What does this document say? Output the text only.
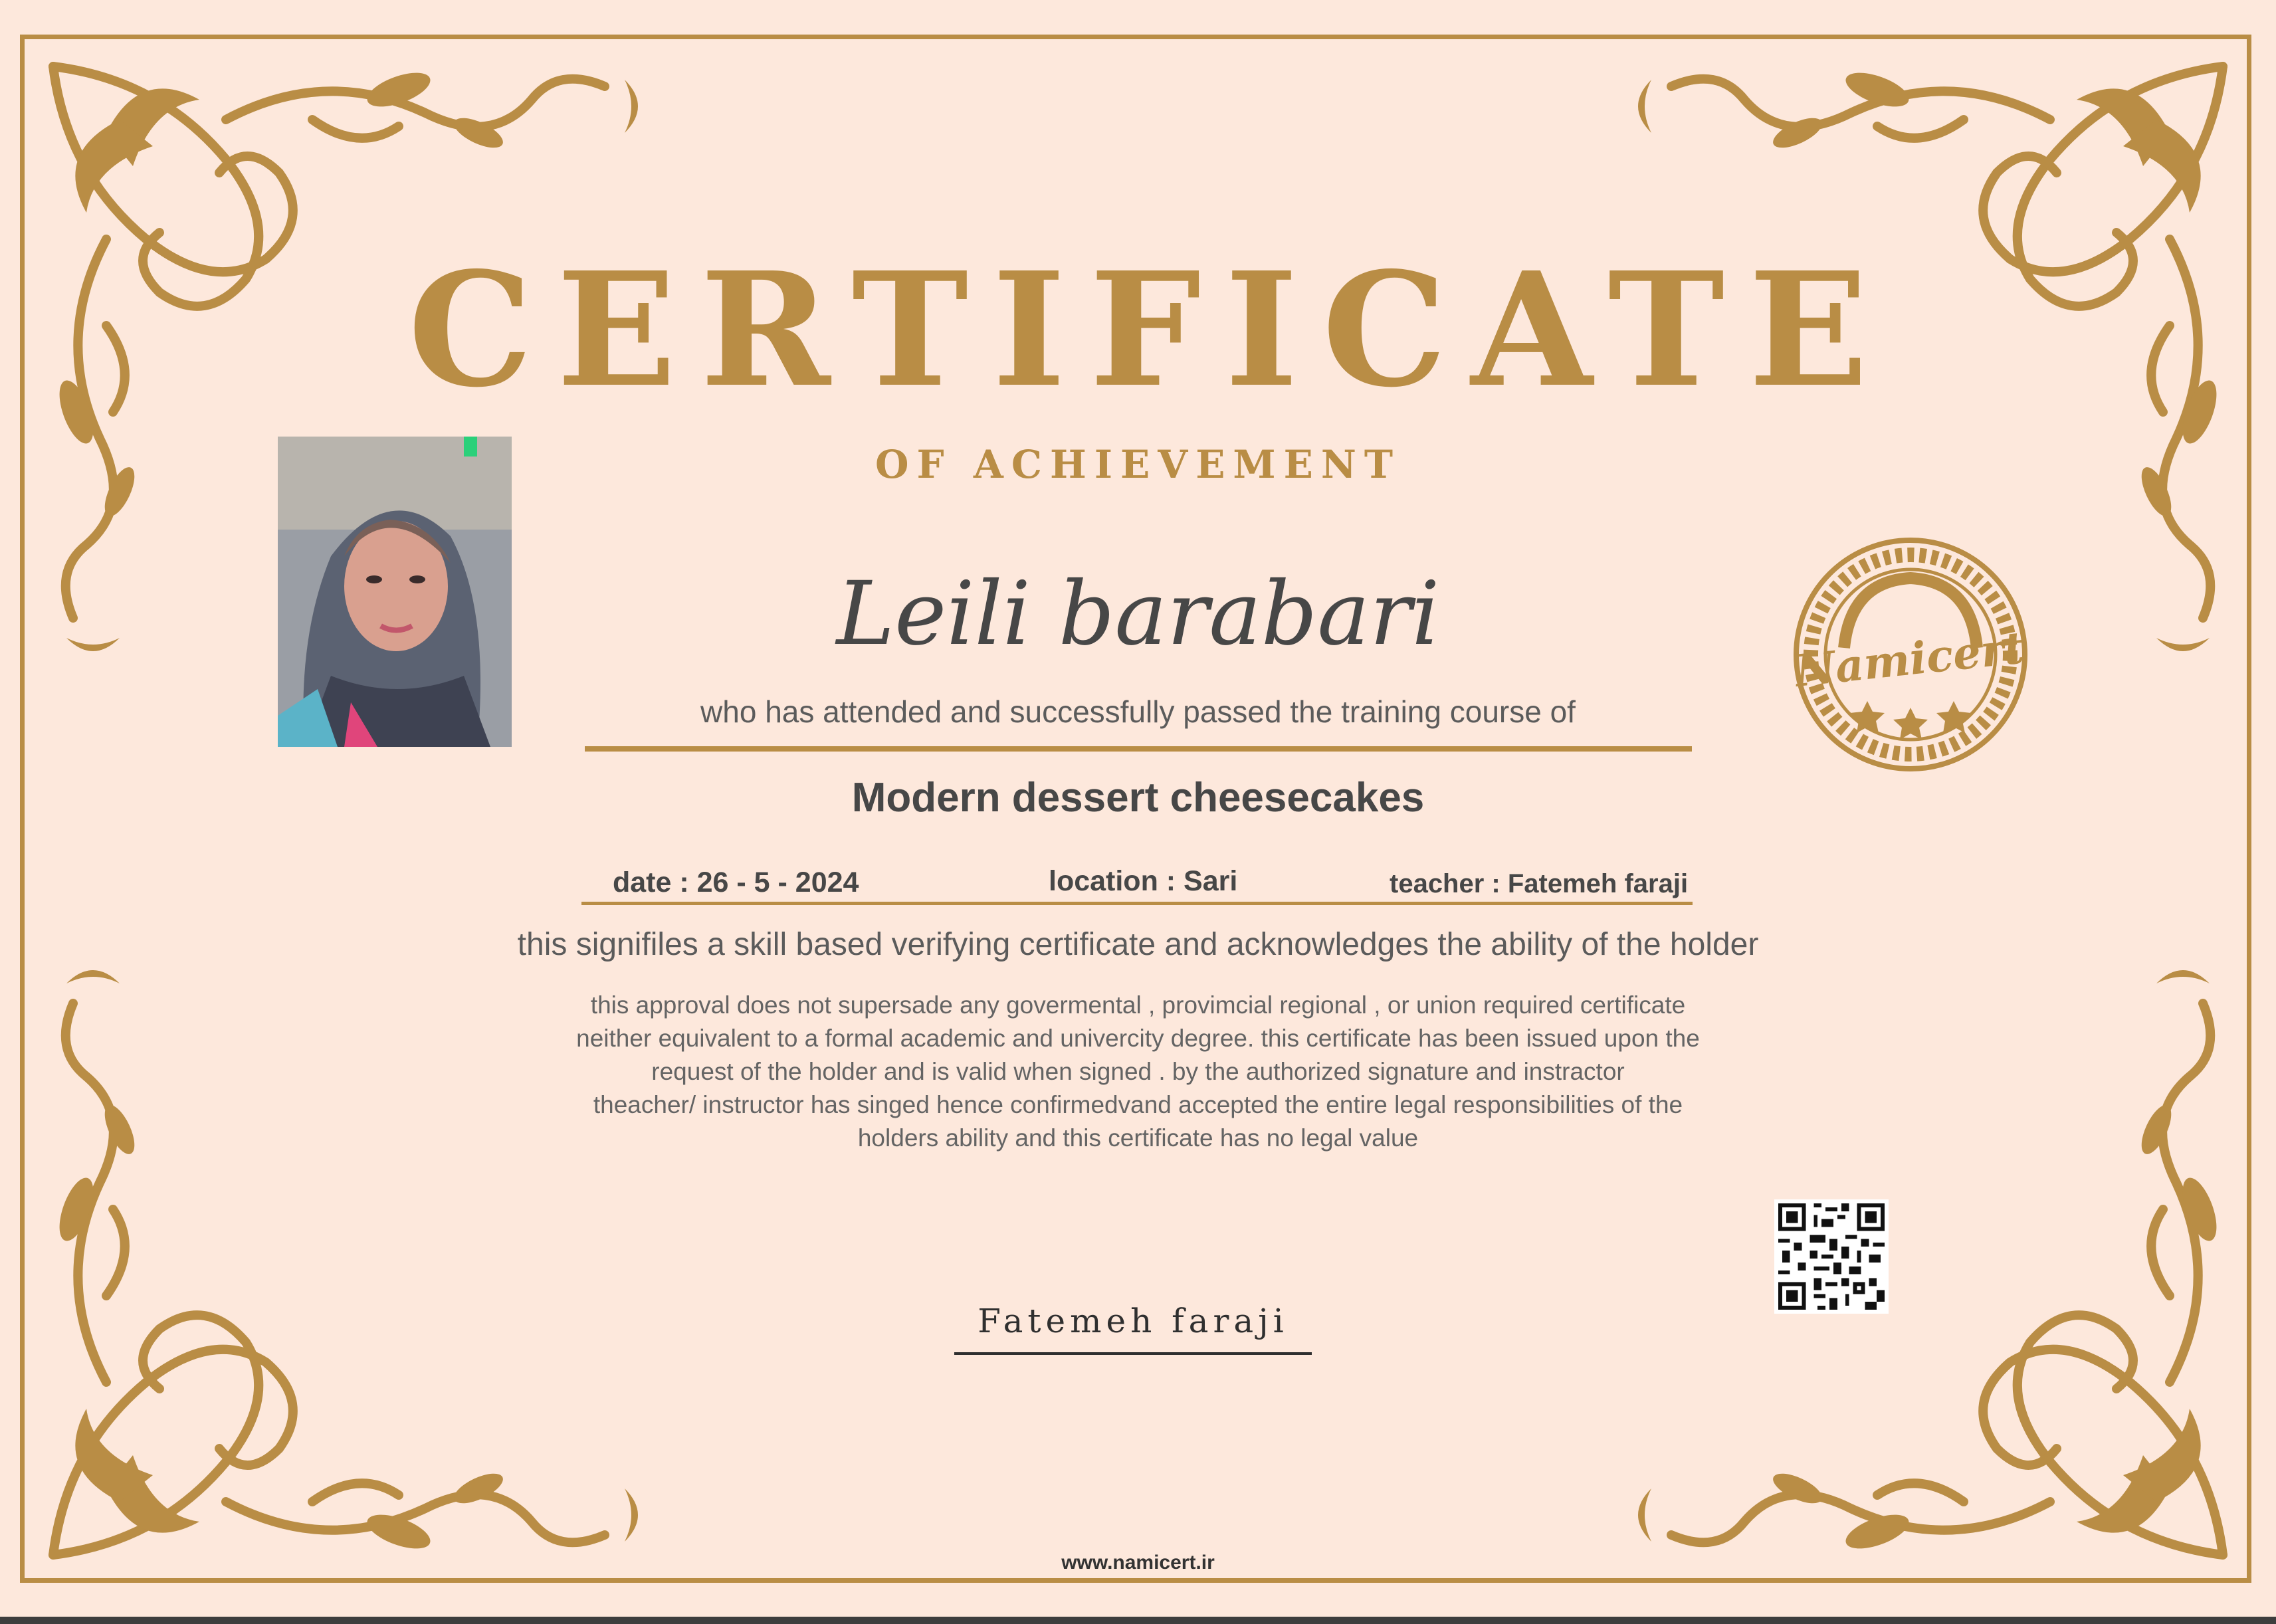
CERTIFICATE
OF ACHIEVEMENT
Leili barabari
who has attended and successfully passed the training course of
Modern dessert cheesecakes
date : 26 - 5 - 2024	location : Sari	teacher : Fatemeh faraji
this signifiles a skill based verifying certificate and acknowledges the ability of the holder
this approval does not supersade any govermental , provimcial regional , or union required certificate
neither equivalent to a formal academic and univercity degree. this certificate has been issued upon the
request of the holder and is valid when signed . by the authorized signature and instractor
theacher/ instructor has singed hence confirmedvand accepted the entire legal responsibilities of the
holders ability and this certificate has no legal value
Namicert
Fatemeh faraji
www.namicert.ir
